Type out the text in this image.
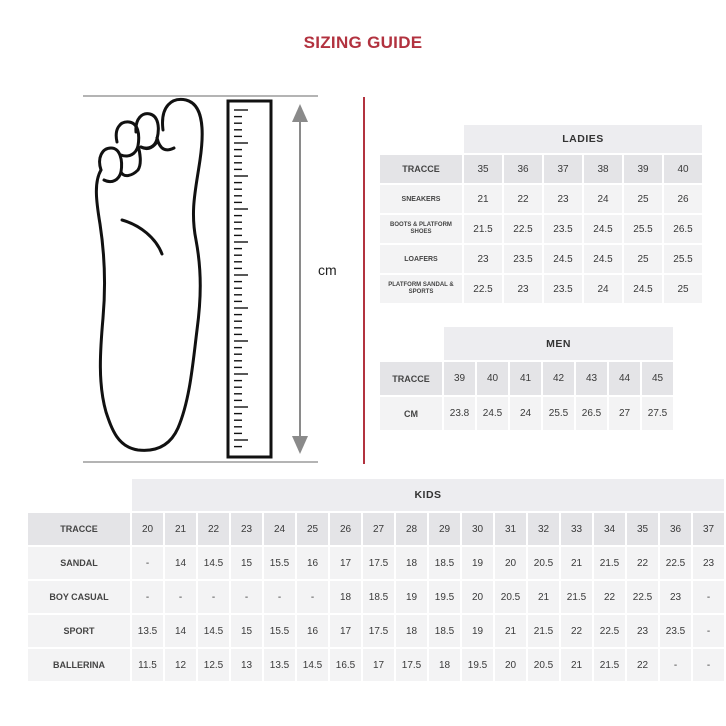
SIZING GUIDE
cm
	LADIES					
TRACCE	35	36	37	38	39	40
SNEAKERS	21	22	23	24	25	26
BOOTS & PLATFORM SHOES	21.5	22.5	23.5	24.5	25.5	26.5
LOAFERS	23	23.5	24.5	24.5	25	25.5
PLATFORM SANDAL & SPORTS	22.5	23	23.5	24	24.5	25
	MEN						
TRACCE	39	40	41	42	43	44	45
CM	23.8	24.5	24	25.5	26.5	27	27.5
	KIDS																	
TRACCE	20	21	22	23	24	25	26	27	28	29	30	31	32	33	34	35	36	37
SANDAL	-	14	14.5	15	15.5	16	17	17.5	18	18.5	19	20	20.5	21	21.5	22	22.5	23
BOY CASUAL	-	-	-	-	-	-	18	18.5	19	19.5	20	20.5	21	21.5	22	22.5	23	-
SPORT	13.5	14	14.5	15	15.5	16	17	17.5	18	18.5	19	21	21.5	22	22.5	23	23.5	-
BALLERINA	11.5	12	12.5	13	13.5	14.5	16.5	17	17.5	18	19.5	20	20.5	21	21.5	22	-	-
